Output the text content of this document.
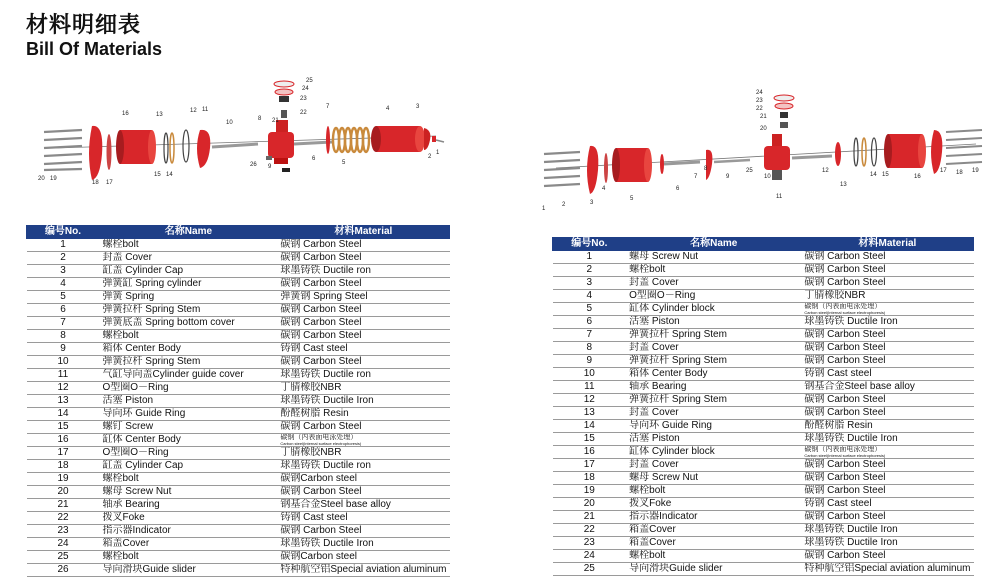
材料明细表
Bill Of Materials
25
24
23
22
21
7	4	3
2
1
16	13
12 11
10
8
6
5
9
26
15 14
18 17
20 19
24
23
22
21
20
1
2	3
4
5
6
7
8
9	10
11
25	12
13
14 15	16
17 18 19
编号No.	名称Name	材料Material
1	螺栓bolt	碳钢 Carbon Steel
2	封盖 Cover	碳钢 Carbon Steel
3	缸盖 Cylinder Cap	球墨铸铁 Ductile ron
4	弹簧缸 Spring cylinder	碳钢 Carbon Steel
5	弹簧 Spring	弹簧钢 Spring Steel
6	弹簧拉杆 Spring Stem	碳钢 Carbon Steel
7	弹簧底盖 Spring bottom cover	碳钢 Carbon Steel
8	螺栓bolt	碳钢 Carbon Steel
9	箱体 Center Body	铸钢 Cast steel
10	弹簧拉杆 Spring Stem	碳钢 Carbon Steel
11	气缸导向盖Cylinder guide cover	球墨铸铁 Ductile ron
12	O型圈O－Ring	丁腈橡胶NBR
13	活塞 Piston	球墨铸铁 Ductile Iron
14	导向环 Guide Ring	酚醛树脂 Resin
15	螺钉 Screw	碳钢 Carbon Steel
16	缸体 Center Body	碳钢（内表面电泳处理）
Carbon steel(internal surface electrophoresis)

17	O型圈O－Ring	丁腈橡胶NBR
18	缸盖 Cylinder Cap	球墨铸铁 Ductile ron
19	螺栓bolt	碳钢Carbon steel
20	螺母 Screw Nut	碳钢 Carbon Steel
21	轴承 Bearing	钢基合金Steel base alloy
22	拨叉Foke	铸钢 Cast steel
23	指示器Indicator	碳钢 Carbon Steel
24	箱盖Cover	球墨铸铁 Ductile Iron
25	螺栓bolt	碳钢Carbon steel
26	导向滑块Guide slider	特种航空铝Special aviation aluminum
编号No.	名称Name	材料Material
1	螺母 Screw Nut	碳钢 Carbon Steel
2	螺栓bolt	碳钢 Carbon Steel
3	封盖 Cover	碳钢 Carbon Steel
4	O型圈O－Ring	丁腈橡胶NBR
5	缸体 Cylinder block	碳钢（内表面电泳处理）
Carbon steel(internal surface electrophoresis)

6	活塞 Piston	球墨铸铁 Ductile Iron
7	弹簧拉杆 Spring Stem	碳钢 Carbon Steel
8	封盖 Cover	碳钢 Carbon Steel
9	弹簧拉杆 Spring Stem	碳钢 Carbon Steel
10	箱体 Center Body	铸钢 Cast steel
11	轴承 Bearing	钢基合金Steel base alloy
12	弹簧拉杆 Spring Stem	碳钢 Carbon Steel
13	封盖 Cover	碳钢 Carbon Steel
14	导向环 Guide Ring	酚醛树脂 Resin
15	活塞 Piston	球墨铸铁 Ductile Iron
16	缸体 Cylinder block	碳钢（内表面电泳处理）
Carbon steel(internal surface electrophoresis)

17	封盖 Cover	碳钢 Carbon Steel
18	螺母 Screw Nut	碳钢 Carbon Steel
19	螺栓bolt	碳钢 Carbon Steel
20	拨叉Foke	铸钢 Cast steel
21	指示器Indicator	碳钢 Carbon Steel
22	箱盖Cover	球墨铸铁 Ductile Iron
23	箱盖Cover	球墨铸铁 Ductile Iron
24	螺栓bolt	碳钢 Carbon Steel
25	导向滑块Guide slider	特种航空铝Special aviation aluminum
